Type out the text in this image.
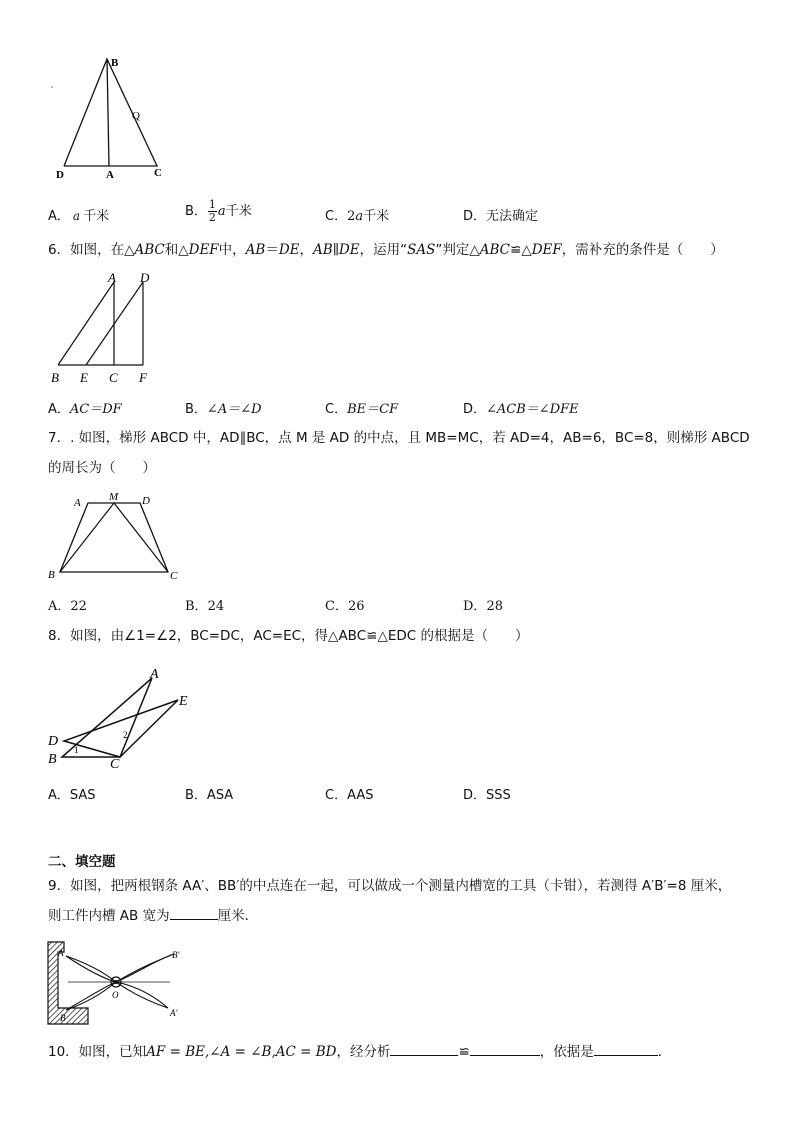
B
D	A	C
Q
A． a 千米	B． $\frac{1}{2}$ a千米	C．2a千米	D．无法确定
6．如图，在△ABC和△DEF中，AB＝DE，AB∥DE，运用“SAS”判定△ABC≌△DEF，需补充的条件是（　　）
A D
B E C F
A．AC＝DF	B．∠A＝∠D	C．BE＝CF	D．∠ACB＝∠DFE
7．. 如图，梯形 ABCD 中，AD∥BC，点 M 是 AD 的中点，且 MB=MC，若 AD=4，AB=6，BC=8，则梯形 ABCD
的周长为（　　）
A	M D
B	C
A．22	B．24	C．26	D．28
8．如图，由∠1=∠2，BC=DC，AC=EC，得△ABC≌△EDC 的根据是（　　）
A
E
D
B	C
1
2
A．SAS	B．ASA	C．AAS	D．SSS
二、填空题
9．如图，把两根钢条 AA′、BB′的中点连在一起，可以做成一个测量内槽宽的工具（卡钳），若测得 A′B′=8 厘米，
则工件内槽 AB 宽为	厘米．
A
B
B′
A′
O
10．如图，已知AF = BE,∠A = ∠B,AC = BD，经分析	≌	，依据是	．
